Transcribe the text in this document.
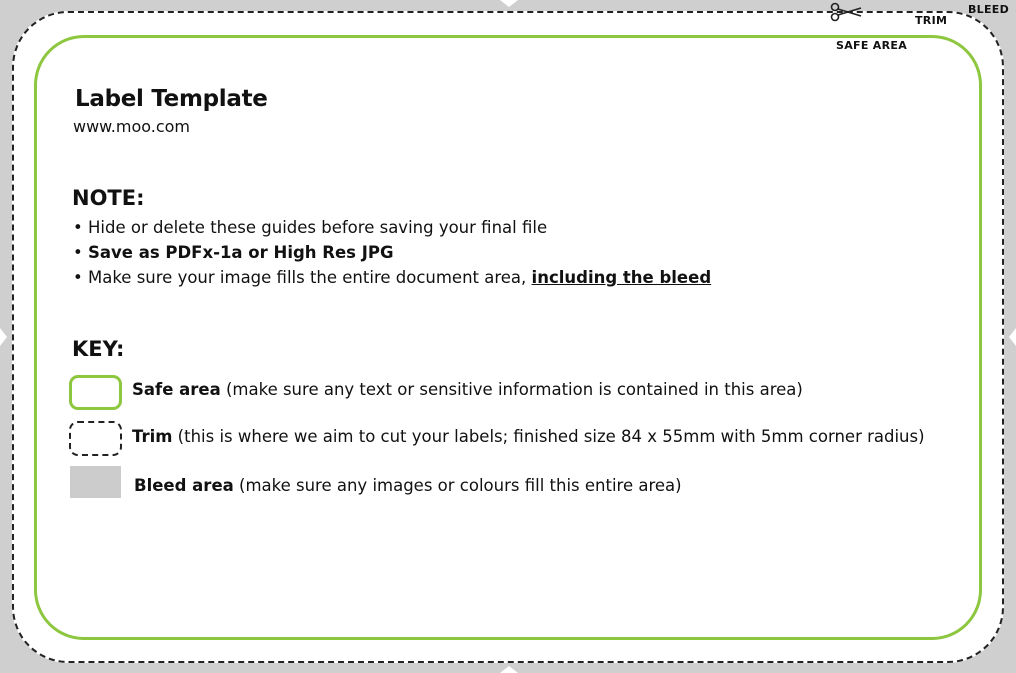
BLEED
TRIM
SAFE AREA
Label Template
www.moo.com
NOTE:
• Hide or delete these guides before saving your final file
• Save as PDFx-1a or High Res JPG
• Make sure your image fills the entire document area, including the bleed
KEY:
Safe area (make sure any text or sensitive information is contained in this area)
Trim (this is where we aim to cut your labels; finished size 84 x 55mm with 5mm corner radius)
Bleed area (make sure any images or colours fill this entire area)
